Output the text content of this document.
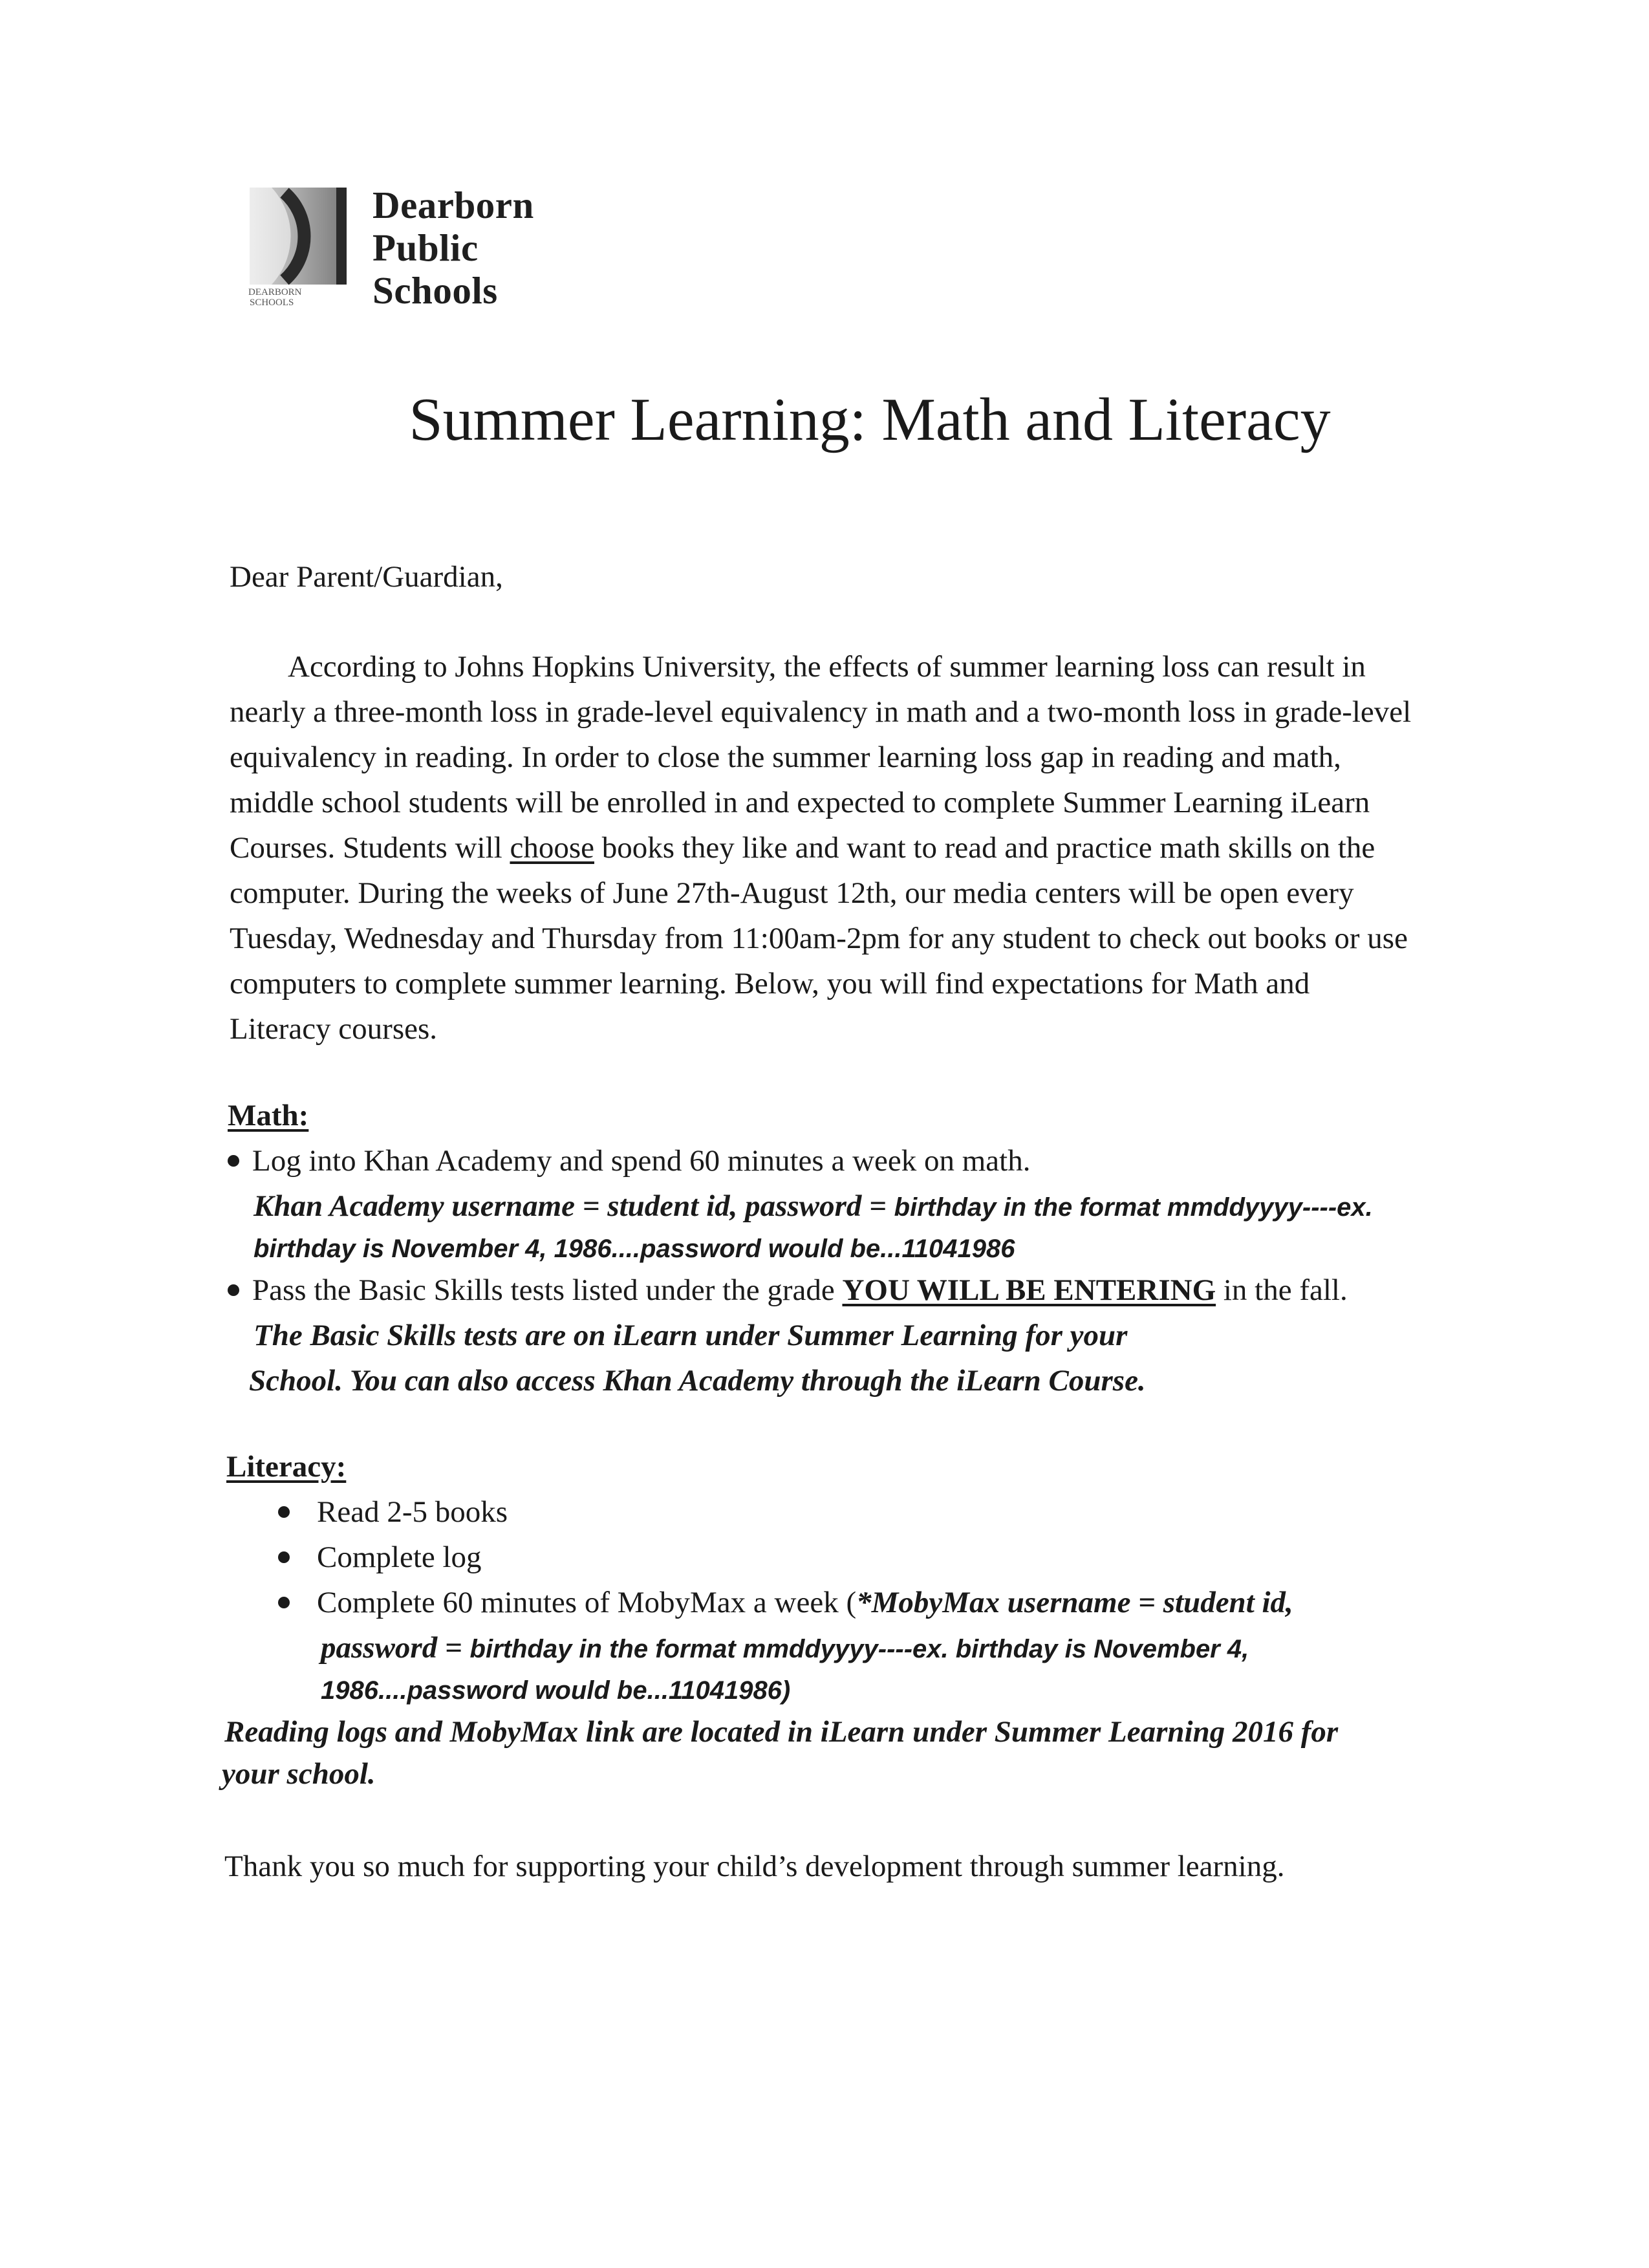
DEARBORN
SCHOOLS
Dearborn
Public
Schools
Summer Learning: Math and Literacy
Dear Parent/Guardian,
According to Johns Hopkins University, the effects of summer learning loss can result in
nearly a three-month loss in grade-level equivalency in math and a two-month loss in grade-level
equivalency in reading. In order to close the summer learning loss gap in reading and math,
middle school students will be enrolled in and expected to complete Summer Learning iLearn
Courses. Students will choose books they like and want to read and practice math skills on the
computer. During the weeks of June 27th-August 12th, our media centers will be open every
Tuesday, Wednesday and Thursday from 11:00am-2pm for any student to check out books or use
computers to complete summer learning. Below, you will find expectations for Math and
Literacy courses.
Math:
Log into Khan Academy and spend 60 minutes a week on math.
Khan Academy username = student id, password = birthday in the format mmddyyyy----ex.
birthday is November 4, 1986....password would be...11041986
Pass the Basic Skills tests listed under the grade YOU WILL BE ENTERING in the fall.
The Basic Skills tests are on iLearn under Summer Learning for your
School. You can also access Khan Academy through the iLearn Course.
Literacy:
Read 2-5 books
Complete log
Complete 60 minutes of MobyMax a week (*MobyMax username = student id,
password = birthday in the format mmddyyyy----ex. birthday is November 4,
1986....password would be...11041986)
Reading logs and MobyMax link are located in iLearn under Summer Learning 2016 for
your school.
Thank you so much for supporting your child’s development through summer learning.
